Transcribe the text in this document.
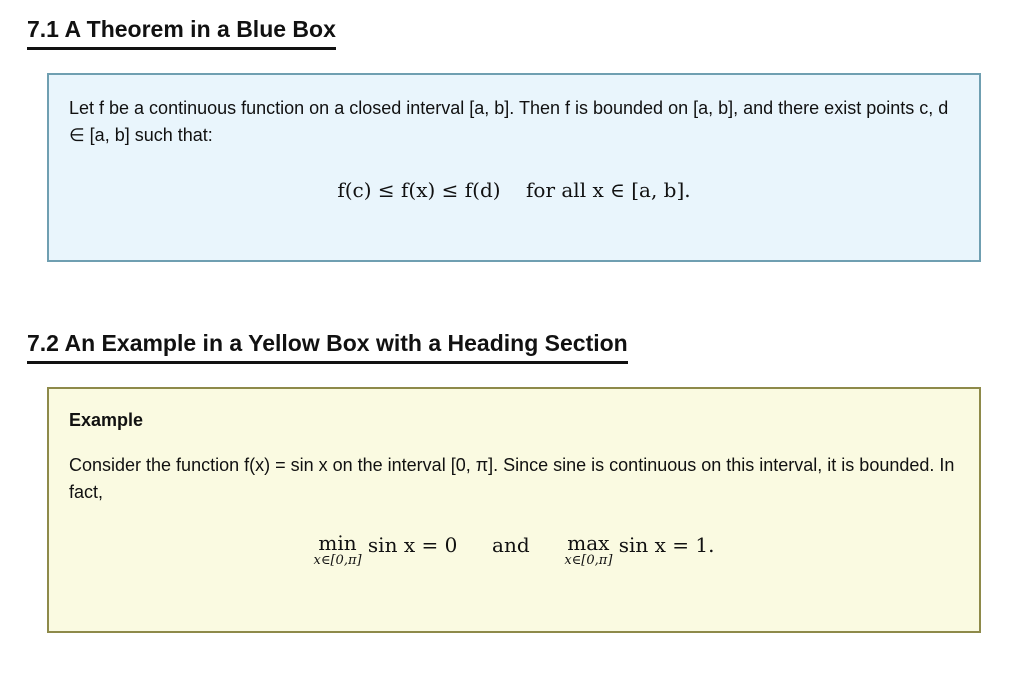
7.1 A Theorem in a Blue Box

Let f be a continuous function on a closed interval [a, b]. Then f is bounded on [a, b], and there exist points c, d ∈ [a, b] such that:

f(c) ≤ f(x) ≤ f(d)    for all x ∈ [a, b].
7.2 An Example in a Yellow Box with a Heading Section

Example

Consider the function f(x) = sin x on the interval [0, π]. Since sine is continuous on this interval, it is bounded. In fact,

min
x∈[0,π]
sin x = 0 and max
x∈[0,π]
sin x = 1.
